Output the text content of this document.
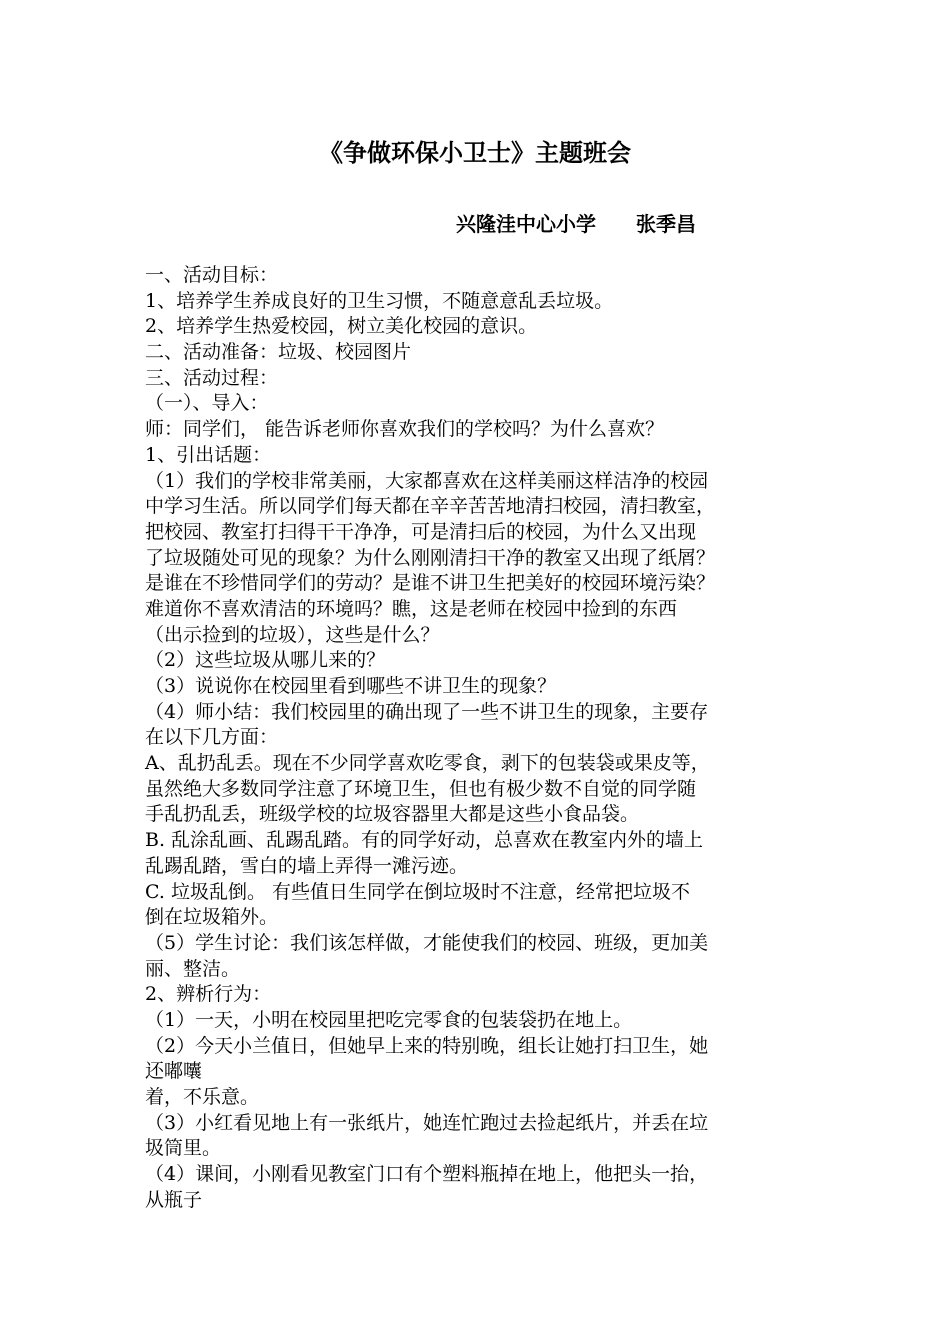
《争做环保小卫士》主题班会
兴隆洼中心小学 张季昌
一、活动目标：
1、培养学生养成良好的卫生习惯，不随意意乱丢垃圾。
2、培养学生热爱校园，树立美化校园的意识。
二、活动准备：垃圾、校园图片
三、活动过程：
（一）、导入：
师：同学们， 能告诉老师你喜欢我们的学校吗？为什么喜欢？
1、引出话题：
（1）我们的学校非常美丽，大家都喜欢在这样美丽这样洁净的校园
中学习生活。所以同学们每天都在辛辛苦苦地清扫校园，清扫教室，
把校园、教室打扫得干干净净，可是清扫后的校园，为什么又出现
了垃圾随处可见的现象？为什么刚刚清扫干净的教室又出现了纸屑？
是谁在不珍惜同学们的劳动？是谁不讲卫生把美好的校园环境污染？
难道你不喜欢清洁的环境吗？瞧，这是老师在校园中捡到的东西
（出示捡到的垃圾），这些是什么？
（2）这些垃圾从哪儿来的？
（3）说说你在校园里看到哪些不讲卫生的现象？
（4）师小结：我们校园里的确出现了一些不讲卫生的现象，主要存
在以下几方面：
A、乱扔乱丢。现在不少同学喜欢吃零食，剥下的包装袋或果皮等，
虽然绝大多数同学注意了环境卫生，但也有极少数不自觉的同学随
手乱扔乱丢，班级学校的垃圾容器里大都是这些小食品袋。
B. 乱涂乱画、乱踢乱踏。有的同学好动，总喜欢在教室内外的墙上
乱踢乱踏，雪白的墙上弄得一滩污迹。
C. 垃圾乱倒。 有些值日生同学在倒垃圾时不注意，经常把垃圾不
倒在垃圾箱外。
（5）学生讨论：我们该怎样做，才能使我们的校园、班级，更加美
丽、整洁。
2、辨析行为：
（1）一天，小明在校园里把吃完零食的包装袋扔在地上。
（2）今天小兰值日，但她早上来的特别晚，组长让她打扫卫生，她
还嘟囔
着，不乐意。
（3）小红看见地上有一张纸片，她连忙跑过去捡起纸片，并丢在垃
圾筒里。
（4）课间，小刚看见教室门口有个塑料瓶掉在地上，他把头一抬，
从瓶子
